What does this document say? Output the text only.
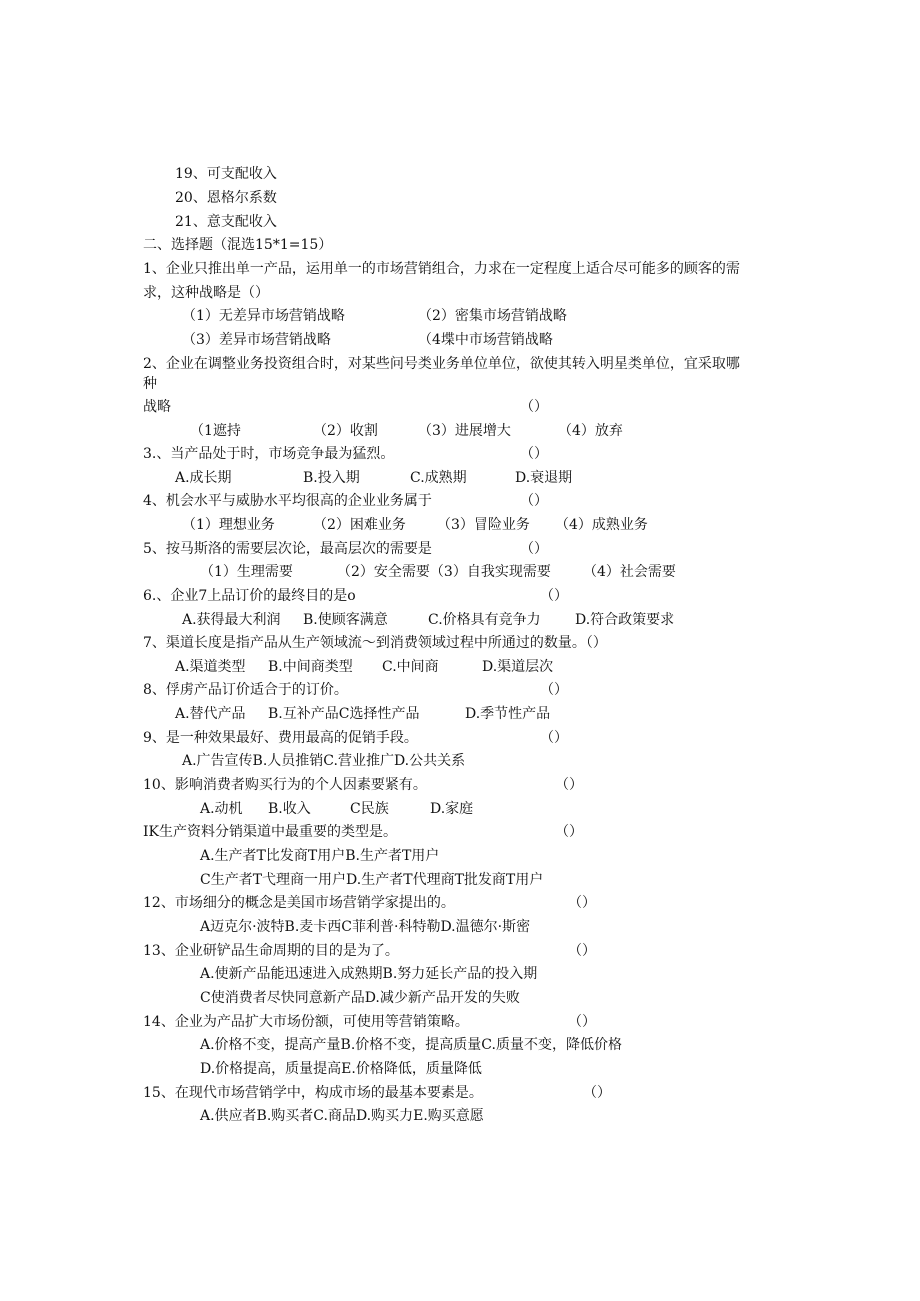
19、可支配收入
20、恩格尔系数
21、意支配收入
二、选择题（混选15*1=15）
1、企业只推出单一产品，运用单一的市场营销组合，力求在一定程度上适合尽可能多的顾客的需
求，这种战略是（）
（1）无差异市场营销战略	（2）密集市场营销战略
（3）差异市场营销战略	（4堞中市场营销战略
2、企业在调整业务投资组合时，对某些问号类业务单位单位，欲使其转入明星类单位，宜采取哪
种
战略	（）
（1遮持	（2）收割	（3）进展增大	（4）放弃
3.、当产品处于时，市场竞争最为猛烈。	（）
A.成长期	B.投入期	C.成熟期	D.衰退期
4、机会水平与威胁水平均很高的企业业务属于	（）
（1）理想业务	（2）困难业务 （3）冒险业务 （4）成熟业务
5、按马斯洛的需要层次论，最高层次的需要是	（）
（1）生理需要	（2）安全需要（3）自我实现需要 （4）社会需要
6.、企业7上品订价的最终目的是o	（）
A.获得最大利润 B.使顾客满意	C.价格具有竞争力 D.符合政策要求
7、渠道长度是指产品从生产领域流〜到消费领域过程中所通过的数量。（）
A.渠道类型 B.中间商类型 C.中间商	D.渠道层次
8、俘虏产品订价适合于的订价。	（）
A.替代产品 B.互补产品C选择性产品	D.季节性产品
9、是一种效果最好、费用最高的促销手段。	（）
A.广告宣传B.人员推销C.营业推广D.公共关系
10、影响消费者购买行为的个人因素要紧有。	（）
A.动机 B.收入	C民族	D.家庭
IK生产资料分销渠道中最重要的类型是。	（）
A.生产者T比发商T用户B.生产者T用户
C生产者T弋理商一用户D.生产者T代理商T批发商T用户
12、市场细分的概念是美国市场营销学家提出的。	（）
A迈克尔·波特B.麦卡西C菲利普·科特勒D.温德尔·斯密
13、企业研铲品生命周期的目的是为了。	（）
A.使新产品能迅速进入成熟期B.努力延长产品的投入期
C使消费者尽快同意新产品D.减少新产品开发的失败
14、企业为产品扩大市场份额，可使用等营销策略。	（）
A.价格不变，提高产量B.价格不变，提高质量C.质量不变，降低价格
D.价格提高，质量提高E.价格降低，质量降低
15、在现代市场营销学中，构成市场的最基本要素是。	（）
A.供应者B.购买者C.商品D.购买力E.购买意愿
